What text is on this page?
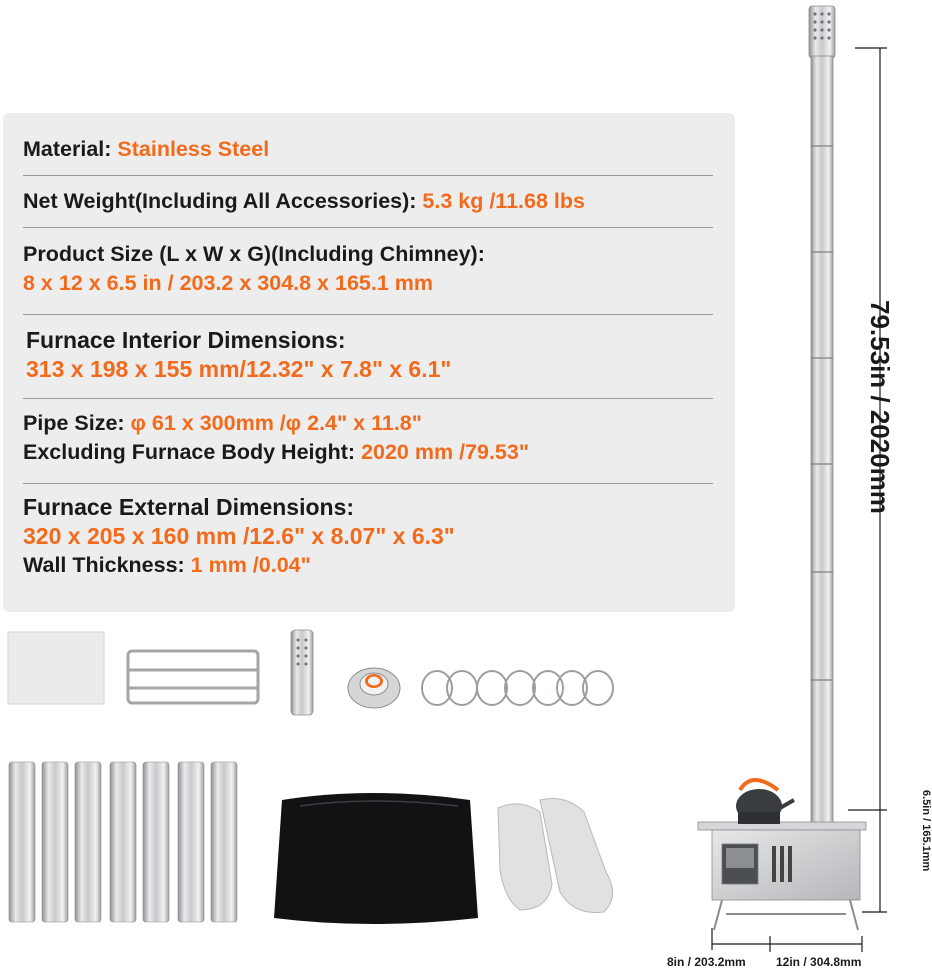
Material: Stainless Steel
Net Weight(Including All Accessories): 5.3 kg /11.68 lbs
Product Size (L x W x G)(Including Chimney):
8 x 12 x 6.5 in / 203.2 x 304.8 x 165.1 mm
Furnace Interior Dimensions:
313 x 198 x 155 mm/12.32" x 7.8" x 6.1"
Pipe Size: φ 61 x 300mm /φ 2.4" x 11.8"
Excluding Furnace Body Height: 2020 mm /79.53"
Furnace External Dimensions:
320 x 205 x 160 mm /12.6" x 8.07" x 6.3"
Wall Thickness: 1 mm /0.04"
79.53in / 2020mm
6.5in / 165.1mm
8in / 203.2mm	12in / 304.8mm
